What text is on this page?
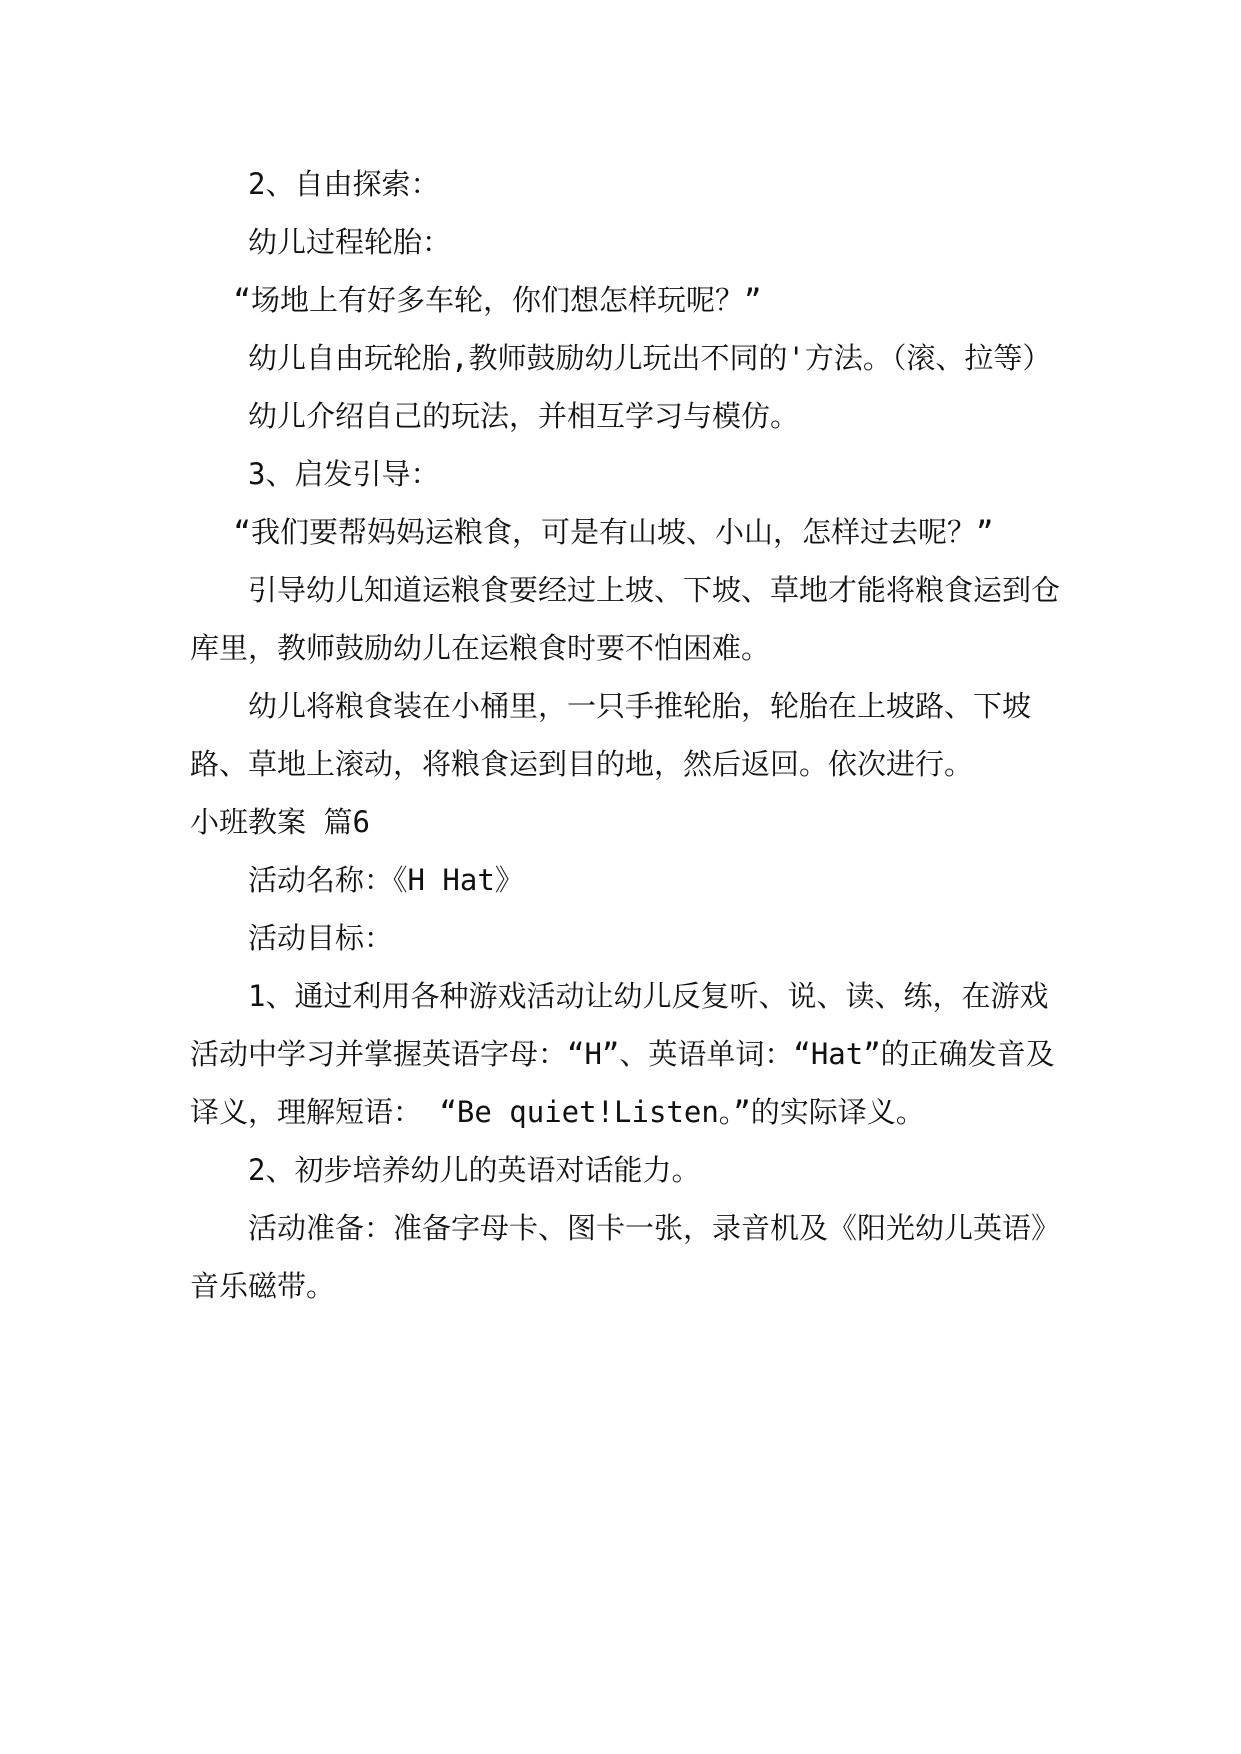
2、自由探索：

幼儿过程轮胎：

“场地上有好多车轮，你们想怎样玩呢？”

幼儿自由玩轮胎,教师鼓励幼儿玩出不同的'方法。（滚、拉等）

幼儿介绍自己的玩法，并相互学习与模仿。

3、启发引导：

“我们要帮妈妈运粮食，可是有山坡、小山，怎样过去呢？”

引导幼儿知道运粮食要经过上坡、下坡、草地才能将粮食运到仓库里，教师鼓励幼儿在运粮食时要不怕困难。

幼儿将粮食装在小桶里，一只手推轮胎，轮胎在上坡路、下坡路、草地上滚动，将粮食运到目的地，然后返回。依次进行。

小班教案 篇6

活动名称：《H Hat》

活动目标：

1、通过利用各种游戏活动让幼儿反复听、说、读、练，在游戏活动中学习并掌握英语字母：“H”、英语单词：“Hat”的正确发音及译义，理解短语： “Be quiet!Listen。”的实际译义。

2、初步培养幼儿的英语对话能力。

活动准备：准备字母卡、图卡一张，录音机及《阳光幼儿英语》音乐磁带。
